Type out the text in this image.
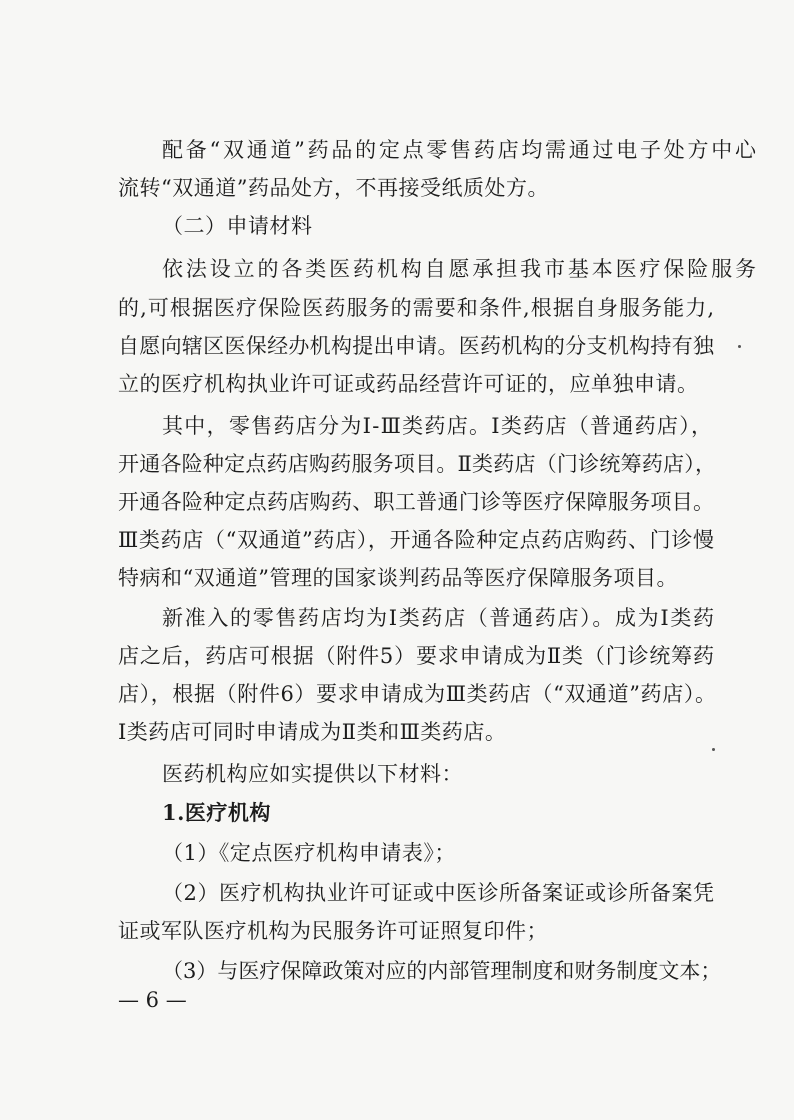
配备“双通道”药品的定点零售药店均需通过电子处方中心
流转“双通道”药品处方，不再接受纸质处方。
（二）申请材料
依法设立的各类医药机构自愿承担我市基本医疗保险服务
的,可根据医疗保险医药服务的需要和条件,根据自身服务能力,
自愿向辖区医保经办机构提出申请。医药机构的分支机构持有独
立的医疗机构执业许可证或药品经营许可证的，应单独申请。
其中，零售药店分为Ⅰ-Ⅲ类药店。Ⅰ类药店（普通药店），
开通各险种定点药店购药服务项目。Ⅱ类药店（门诊统筹药店），
开通各险种定点药店购药、职工普通门诊等医疗保障服务项目。
Ⅲ类药店（“双通道”药店），开通各险种定点药店购药、门诊慢
特病和“双通道”管理的国家谈判药品等医疗保障服务项目。
新准入的零售药店均为Ⅰ类药店（普通药店）。成为Ⅰ类药
店之后，药店可根据（附件5）要求申请成为Ⅱ类（门诊统筹药
店），根据（附件6）要求申请成为Ⅲ类药店（“双通道”药店）。
Ⅰ类药店可同时申请成为Ⅱ类和Ⅲ类药店。
医药机构应如实提供以下材料：
1.医疗机构
（1）《定点医疗机构申请表》；
（2）医疗机构执业许可证或中医诊所备案证或诊所备案凭
证或军队医疗机构为民服务许可证照复印件；
（3）与医疗保障政策对应的内部管理制度和财务制度文本；
— 6 —
